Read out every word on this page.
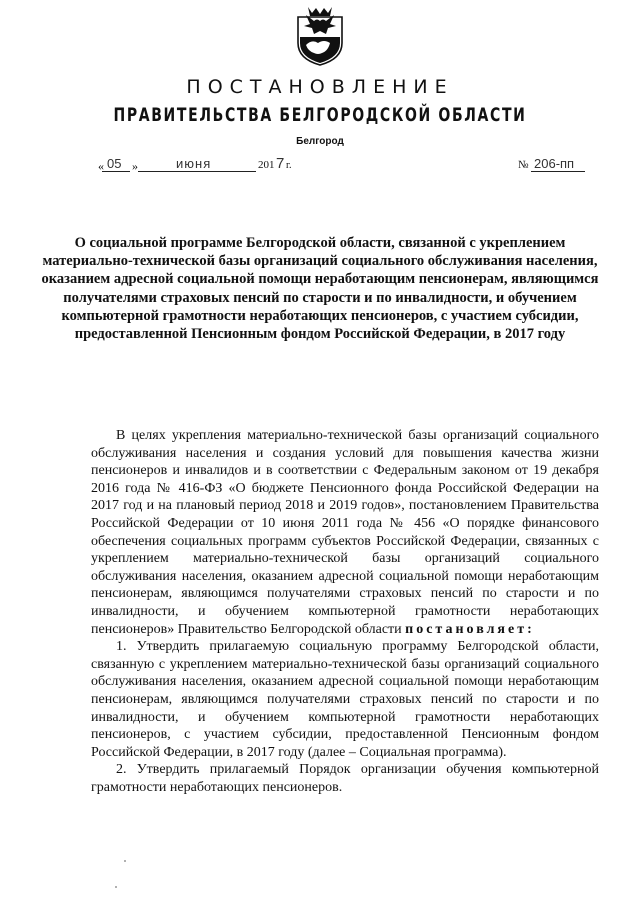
ПОСТАНОВЛЕНИЕ
ПРАВИТЕЛЬСТВА БЕЛГОРОДСКОЙ ОБЛАСТИ
Белгород
« 05 »	июня	201 7 г.	№ 206-пп
О социальной программе Белгородской области, связанной с укреплением материально-технической базы организаций социального обслуживания населения, оказанием адресной социальной помощи неработающим пенсионерам, являющимся получателями страховых пенсий по старости и по инвалидности, и обучением компьютерной грамотности неработающих пенсионеров, с участием субсидии, предоставленной Пенсионным фондом Российской Федерации, в 2017 году

В целях укрепления материально-технической базы организаций социального обслуживания населения и создания условий для повышения качества жизни пенсионеров и инвалидов и в соответствии с Федеральным законом от 19 декабря 2016 года № 416-ФЗ «О бюджете Пенсионного фонда Российской Федерации на 2017 год и на плановый период 2018 и 2019 годов», постановлением Правительства Российской Федерации от 10 июня 2011 года № 456 «О порядке финансового обеспечения социальных программ субъектов Российской Федерации, связанных с укреплением материально-технической базы организаций социального обслуживания населения, оказанием адресной социальной помощи неработающим пенсионерам, являющимся получателями страховых пенсий по старости и по инвалидности, и обучением компьютерной грамотности неработающих пенсионеров» Правительство Белгородской области постановляет:

1. Утвердить прилагаемую социальную программу Белгородской области, связанную с укреплением материально-технической базы организаций социального обслуживания населения, оказанием адресной социальной помощи неработающим пенсионерам, являющимся получателями страховых пенсий по старости и по инвалидности, и обучением компьютерной грамотности неработающих пенсионеров, с участием субсидии, предоставленной Пенсионным фондом Российской Федерации, в 2017 году (далее – Социальная программа).

2. Утвердить прилагаемый Порядок организации обучения компьютерной грамотности неработающих пенсионеров.
